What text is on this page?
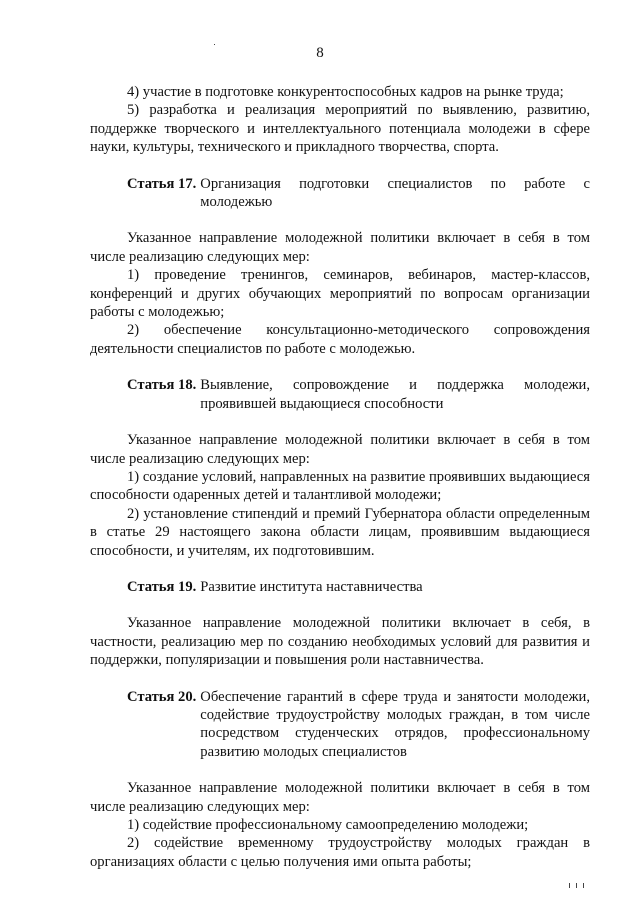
8

4) участие в подготовке конкурентоспособных кадров на рынке труда;

5) разработка и реализация мероприятий по выявлению, развитию, поддержке творческого и интеллектуального потенциала молодежи в сфере науки, культуры, технического и прикладного творчества, спорта.

Статья 17. Организация подготовки специалистов по работе с молодежью

Указанное направление молодежной политики включает в себя в том числе реализацию следующих мер:

1) проведение тренингов, семинаров, вебинаров, мастер-классов, конференций и других обучающих мероприятий по вопросам организации работы с молодежью;

2) обеспечение консультационно-методического сопровождения деятельности специалистов по работе с молодежью.

Статья 18. Выявление, сопровождение и поддержка молодежи, проявившей выдающиеся способности

Указанное направление молодежной политики включает в себя в том числе реализацию следующих мер:

1) создание условий, направленных на развитие проявивших выдающиеся способности одаренных детей и талантливой молодежи;

2) установление стипендий и премий Губернатора области определенным в статье 29 настоящего закона области лицам, проявившим выдающиеся способности, и учителям, их подготовившим.

Статья 19. Развитие института наставничества

Указанное направление молодежной политики включает в себя, в частности, реализацию мер по созданию необходимых условий для развития и поддержки, популяризации и повышения роли наставничества.

Статья 20. Обеспечение гарантий в сфере труда и занятости молодежи, содействие трудоустройству молодых граждан, в том числе посредством студенческих отрядов, профессиональному развитию молодых специалистов

Указанное направление молодежной политики включает в себя в том числе реализацию следующих мер:

1) содействие профессиональному самоопределению молодежи;

2) содействие временному трудоустройству молодых граждан в организациях области с целью получения ими опыта работы;
